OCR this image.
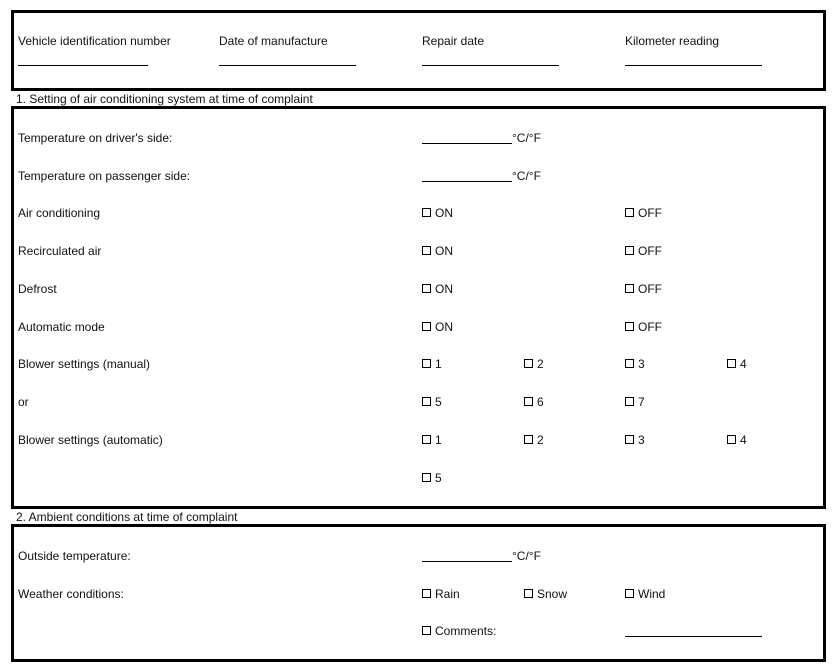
Vehicle identification number	Date of manufacture	Repair date	Kilometer reading
1. Setting of air conditioning system at time of complaint
Temperature on driver's side:	°C/°F
Temperature on passenger side:	°C/°F
Air conditioning	ON	OFF
Recirculated air	ON	OFF
Defrost	ON	OFF
Automatic mode	ON	OFF
Blower settings (manual)	1	2	3	4
or	5	6	7
Blower settings (automatic)	1	2	3	4
5
2. Ambient conditions at time of complaint
Outside temperature:	°C/°F
Weather conditions:	Rain	Snow	Wind
Comments:
